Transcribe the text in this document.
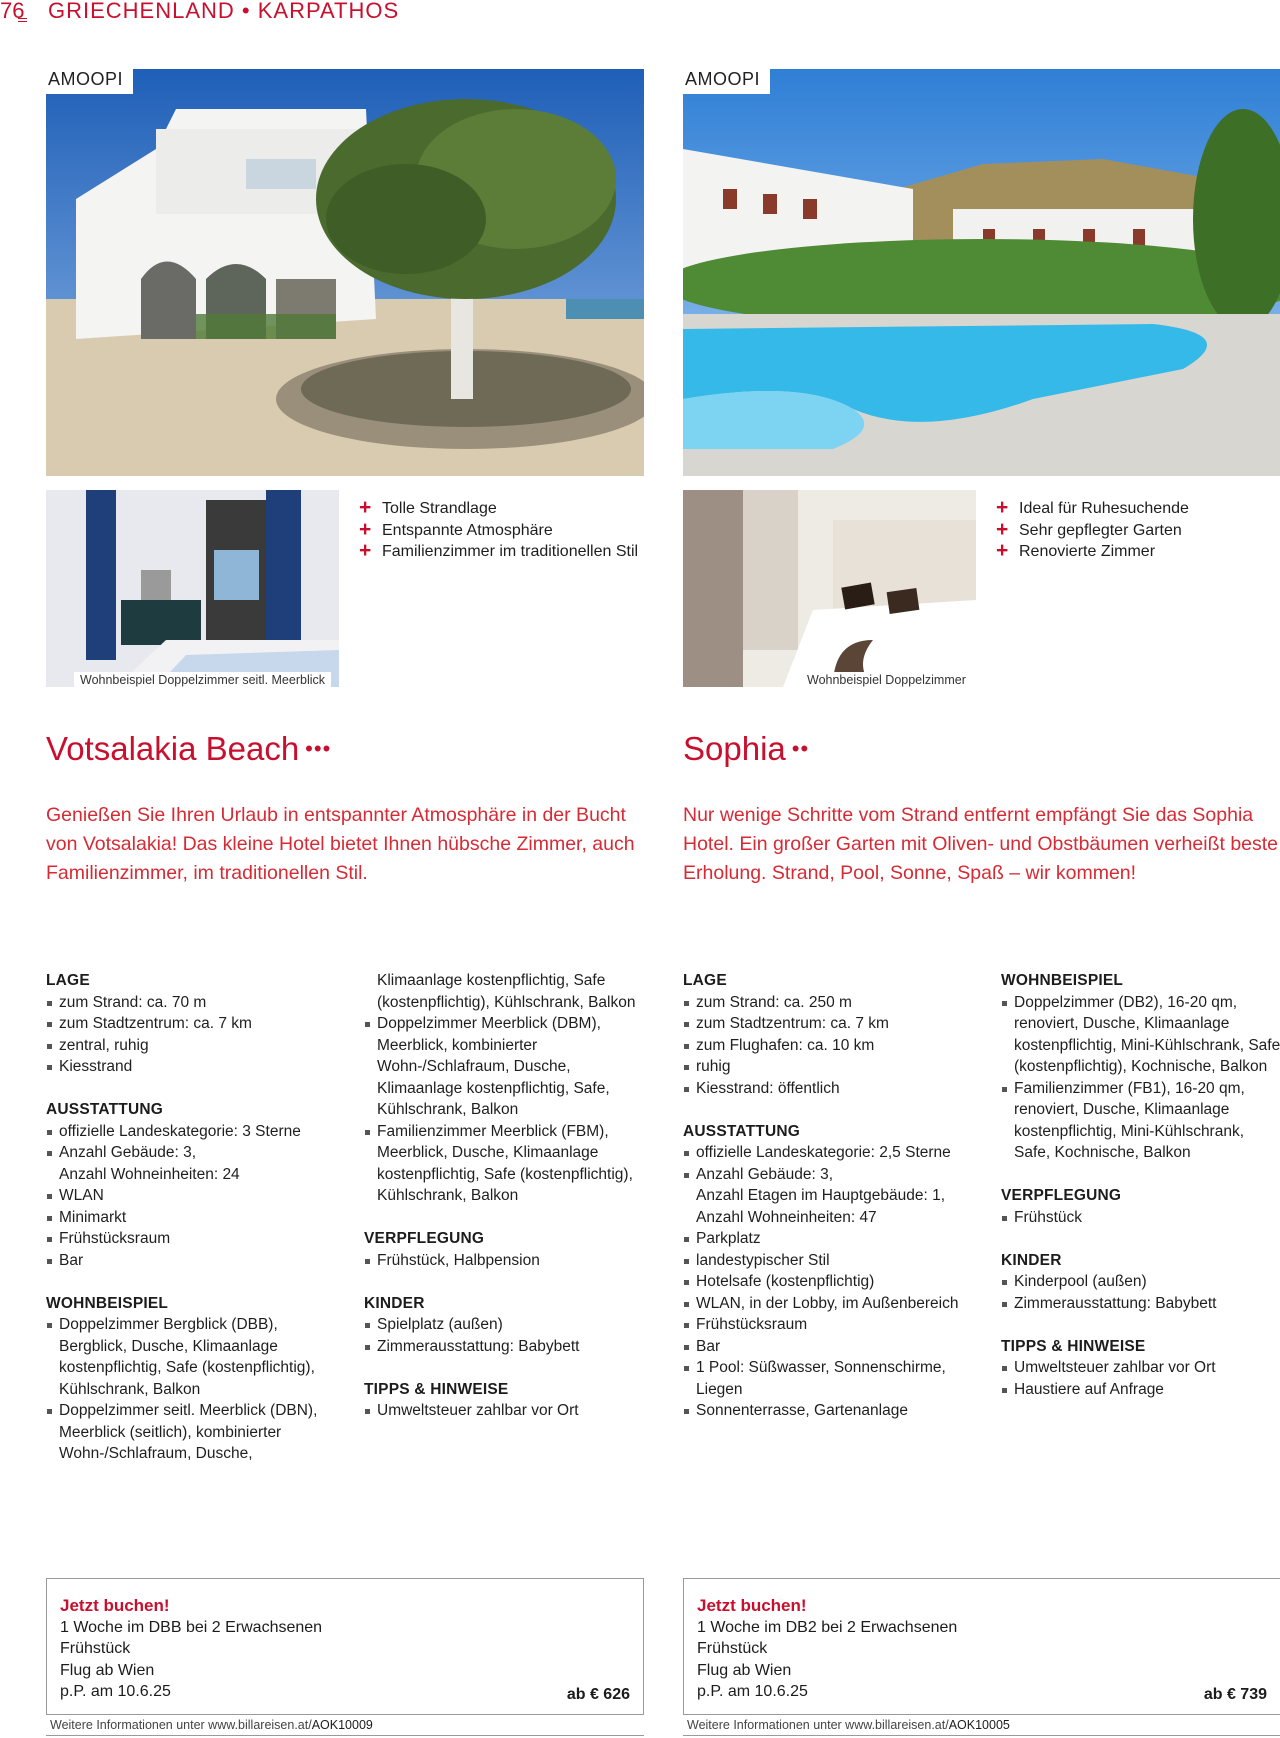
76 GRIECHENLAND • KARPATHOS
AMOOPI
Wohnbeispiel Doppelzimmer seitl. Meerblick
+ Tolle Strandlage
+ Entspannte Atmosphäre
+ Familienzimmer im traditionellen Stil
Votsalakia Beach •••

Genießen Sie Ihren Urlaub in entspannter Atmosphäre in der Bucht von Votsalakia! Das kleine Hotel bietet Ihnen hübsche Zimmer, auch Familienzimmer, im traditionellen Stil.

LAGE
zum Strand: ca. 70 m
zum Stadtzentrum: ca. 7 km
zentral, ruhig
Kiesstrand
AUSSTATTUNG
offizielle Landeskategorie: 3 Sterne
Anzahl Gebäude: 3,
Anzahl Wohneinheiten: 24
WLAN
Minimarkt
Frühstücksraum
Bar
WOHNBEISPIEL
Doppelzimmer Bergblick (DBB), Bergblick, Dusche, Klimaanlage kostenpflichtig, Safe (kostenpflichtig), Kühlschrank, Balkon
Doppelzimmer seitl. Meerblick (DBN), Meerblick (seitlich), kombinierter Wohn-/Schlafraum, Dusche,
Klimaanlage kostenpflichtig, Safe (kostenpflichtig), Kühlschrank, Balkon
Doppelzimmer Meerblick (DBM), Meerblick, kombinierter Wohn-/Schlafraum, Dusche, Klimaanlage kostenpflichtig, Safe, Kühlschrank, Balkon
Familienzimmer Meerblick (FBM), Meerblick, Dusche, Klimaanlage kostenpflichtig, Safe (kostenpflichtig), Kühlschrank, Balkon
VERPFLEGUNG
Frühstück, Halbpension
KINDER
Spielplatz (außen)
Zimmerausstattung: Babybett
TIPPS & HINWEISE
Umweltsteuer zahlbar vor Ort
Jetzt buchen!
1 Woche im DBB bei 2 Erwachsenen
Frühstück
Flug ab Wien
p.P. am 10.6.25	ab € 626
Weitere Informationen unter www.billareisen.at/AOK10009
AMOOPI
Wohnbeispiel Doppelzimmer
+ Ideal für Ruhesuchende
+ Sehr gepflegter Garten
+ Renovierte Zimmer
Sophia ••

Nur wenige Schritte vom Strand entfernt empfängt Sie das Sophia Hotel. Ein großer Garten mit Oliven- und Obstbäumen verheißt beste Erholung. Strand, Pool, Sonne, Spaß – wir kommen!

LAGE
zum Strand: ca. 250 m
zum Stadtzentrum: ca. 7 km
zum Flughafen: ca. 10 km
ruhig
Kiesstrand: öffentlich
AUSSTATTUNG
offizielle Landeskategorie: 2,5 Sterne
Anzahl Gebäude: 3,
Anzahl Etagen im Hauptgebäude: 1,
Anzahl Wohneinheiten: 47
Parkplatz
landestypischer Stil
Hotelsafe (kostenpflichtig)
WLAN, in der Lobby, im Außenbereich
Frühstücksraum
Bar
1 Pool: Süßwasser, Sonnenschirme, Liegen
Sonnenterrasse, Gartenanlage
WOHNBEISPIEL
Doppelzimmer (DB2), 16-20 qm, renoviert, Dusche, Klimaanlage kostenpflichtig, Mini-Kühlschrank, Safe (kostenpflichtig), Kochnische, Balkon
Familienzimmer (FB1), 16-20 qm, renoviert, Dusche, Klimaanlage kostenpflichtig, Mini-Kühlschrank, Safe, Kochnische, Balkon
VERPFLEGUNG
Frühstück
KINDER
Kinderpool (außen)
Zimmerausstattung: Babybett
TIPPS & HINWEISE
Umweltsteuer zahlbar vor Ort
Haustiere auf Anfrage
Jetzt buchen!
1 Woche im DB2 bei 2 Erwachsenen
Frühstück
Flug ab Wien
p.P. am 10.6.25	ab € 739
Weitere Informationen unter www.billareisen.at/AOK10005
